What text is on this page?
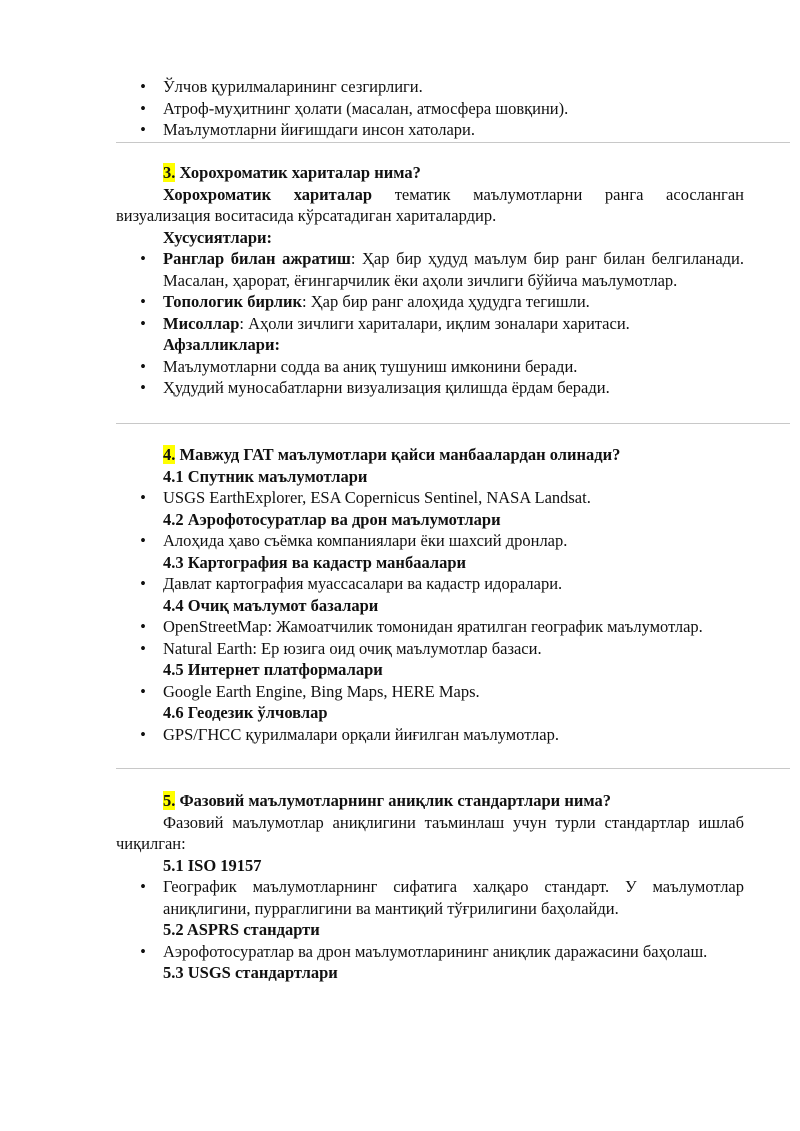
• Ўлчов қурилмаларининг сезгирлиги.
• Атроф-муҳитнинг ҳолати (масалан, атмосфера шовқини).
• Маълумотларни йиғишдаги инсон хатолари.

3. Хорохроматик хариталар нима?

Хорохроматик хариталар тематик маълумотларни ранга асосланган визуализация воситасида кўрсатадиган хариталардир.

Хусусиятлари:

• Ранглар билан ажратиш: Ҳар бир ҳудуд маълум бир ранг билан белгиланади. Масалан, ҳарорат, ёғингарчилик ёки аҳоли зичлиги бўйича маълумотлар.
• Топологик бирлик: Ҳар бир ранг алоҳида ҳудудга тегишли.
• Мисоллар: Аҳоли зичлиги хариталари, иқлим зоналари харитаси.

Афзалликлари:

• Маълумотларни содда ва аниқ тушуниш имконини беради.
• Ҳудудий муносабатларни визуализация қилишда ёрдам беради.

4. Мавжуд ГАТ маълумотлари қайси манбаалардан олинади?

4.1 Спутник маълумотлари

• USGS EarthExplorer, ESA Copernicus Sentinel, NASA Landsat.

4.2 Аэрофотосуратлар ва дрон маълумотлари

• Алоҳида ҳаво съёмка компаниялари ёки шахсий дронлар.

4.3 Картография ва кадастр манбаалари

• Давлат картография муассасалари ва кадастр идоралари.

4.4 Очиқ маълумот базалари

• OpenStreetMap: Жамоатчилик томонидан яратилган географик маълумотлар.
• Natural Earth: Ер юзига оид очиқ маълумотлар базаси.

4.5 Интернет платформалари

• Google Earth Engine, Bing Maps, HERE Maps.

4.6 Геодезик ўлчовлар

• GPS/ГНСС қурилмалари орқали йиғилган маълумотлар.

5. Фазовий маълумотларнинг аниқлик стандартлари нима?

Фазовий маълумотлар аниқлигини таъминлаш учун турли стандартлар ишлаб чиқилган:

5.1 ISO 19157

• Географик маълумотларнинг сифатига халқаро стандарт. У маълумотлар аниқлигини, пурраглигини ва мантиқий тўғрилигини баҳолайди.

5.2 ASPRS стандарти

• Аэрофотосуратлар ва дрон маълумотларининг аниқлик даражасини баҳолаш.

5.3 USGS стандартлари
